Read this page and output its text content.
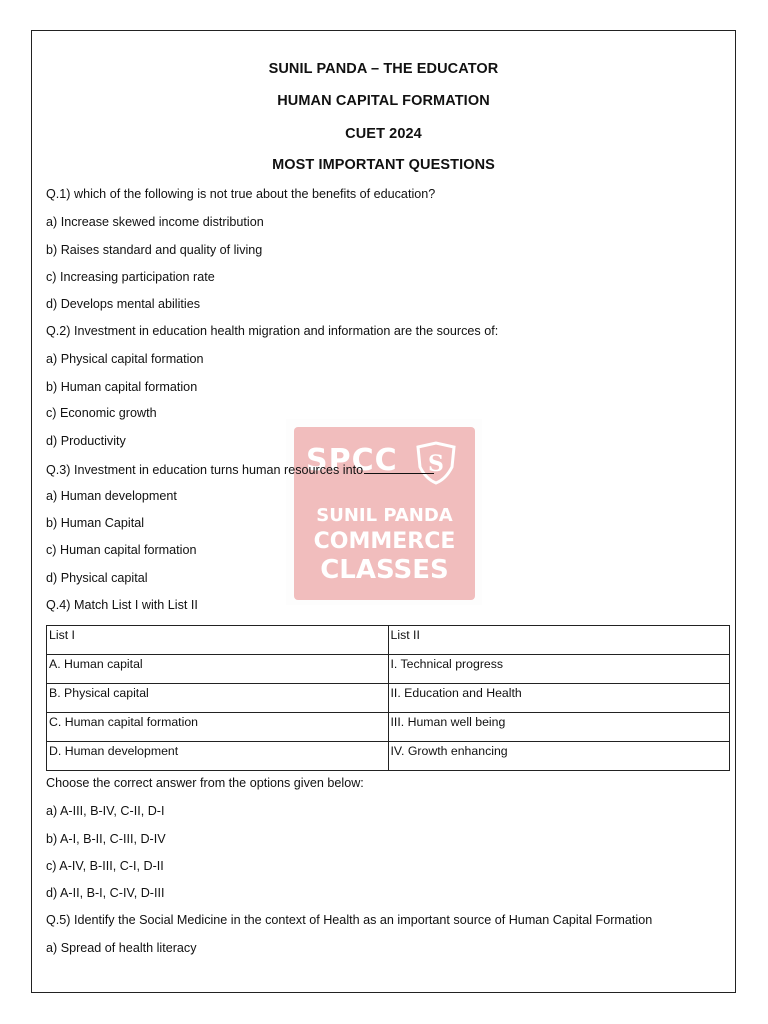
SPCC	S
SUNIL PANDA
COMMERCE
CLASSES
SUNIL PANDA – THE EDUCATOR
HUMAN CAPITAL FORMATION
CUET 2024
MOST IMPORTANT QUESTIONS
Q.1) which of the following is not true about the benefits of education?
a) Increase skewed income distribution
b) Raises standard and quality of living
c) Increasing participation rate
d) Develops mental abilities
Q.2) Investment in education health migration and information are the sources of:
a) Physical capital formation
b) Human capital formation
c) Economic growth
d) Productivity
Q.3) Investment in education turns human resources into
a) Human development
b) Human Capital
c) Human capital formation
d) Physical capital
Q.4) Match List I with List II
List I	List II
A. Human capital	I. Technical progress
B. Physical capital	II. Education and Health
C. Human capital formation	III. Human well being
D. Human development	IV. Growth enhancing
Choose the correct answer from the options given below:
a) A-III, B-IV, C-II, D-I
b) A-I, B-II, C-III, D-IV
c) A-IV, B-III, C-I, D-II
d) A-II, B-I, C-IV, D-III
Q.5) Identify the Social Medicine in the context of Health as an important source of Human Capital Formation
a) Spread of health literacy
